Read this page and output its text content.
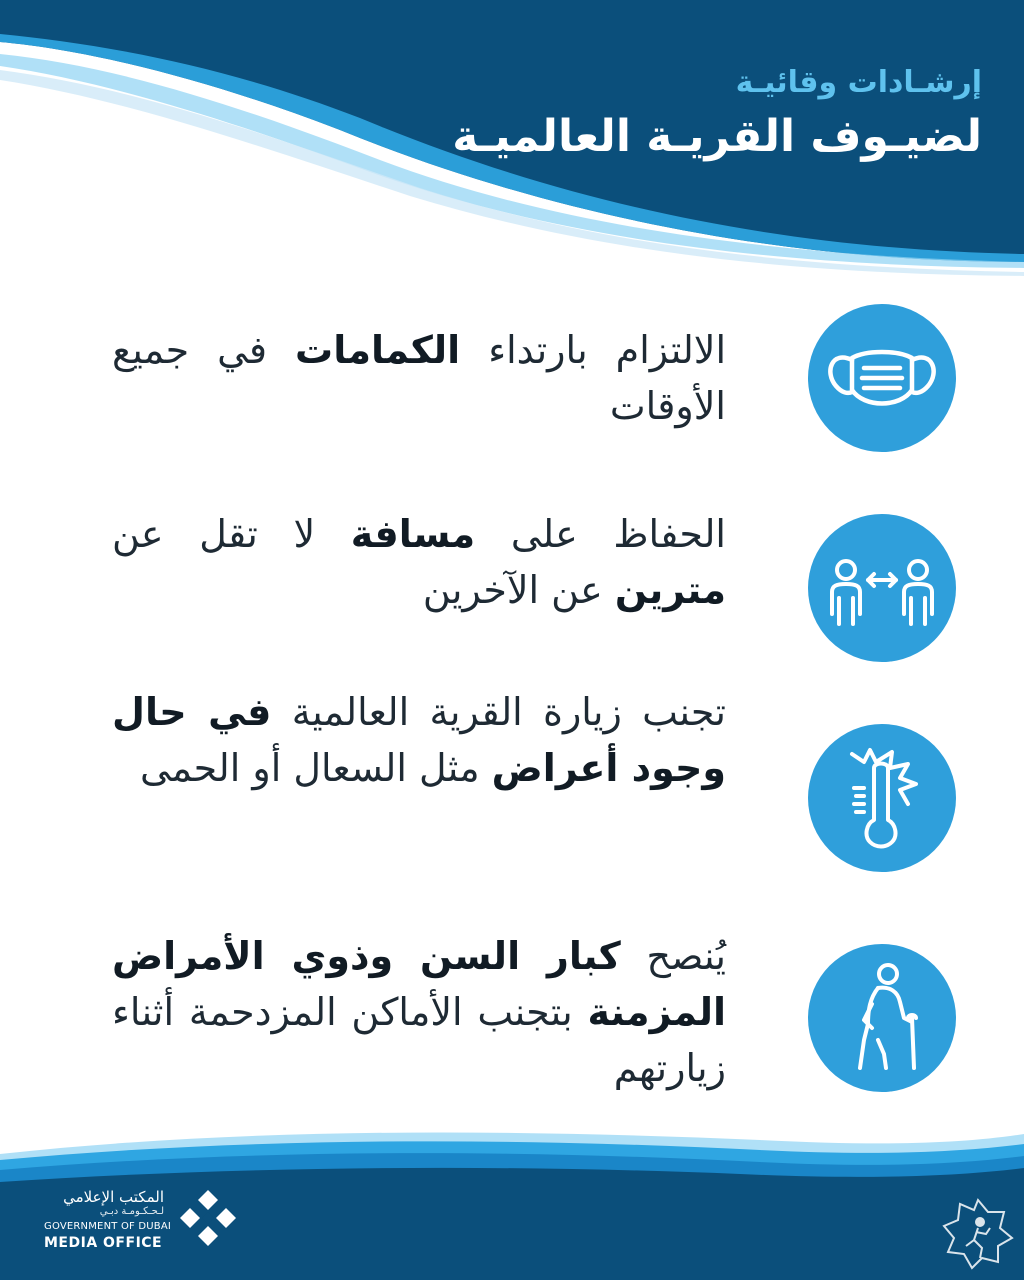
إرشـادات وقائيـة
لضيـوف القريـة العالميـة
الالتزام بارتداء الكمامات في جميع الأوقات
الحفاظ على مسافة لا تقل عن مترين عن الآخرين
تجنب زيارة القرية العالمية في حال وجود أعراض مثل السعال أو الحمى
يُنصح كبار السن وذوي الأمراض المزمنة بتجنب الأماكن المزدحمة أثناء زيارتهم
المكتب الإعلامي
لـحـكـومـة دبـي
GOVERNMENT OF DUBAI
MEDIA OFFICE
